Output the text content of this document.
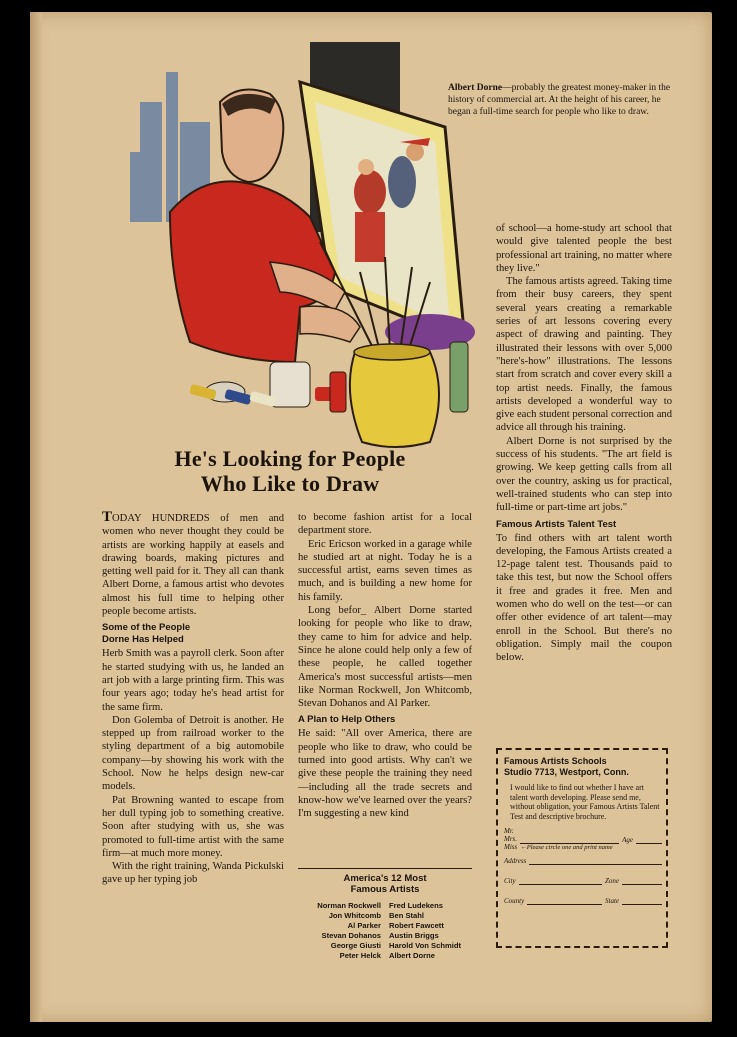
Albert Dorne—probably the greatest money-maker in the history of commercial art. At the height of his career, he began a full-time search for people who like to draw.
He's Looking for People
Who Like to Draw

TODAY HUNDREDS of men and women who never thought they could be artists are working happily at easels and drawing boards, making pictures and getting well paid for it. They all can thank Albert Dorne, a famous artist who devotes almost his full time to helping other people become artists.

Some of the People
Dorne Has Helped

Herb Smith was a payroll clerk. Soon after he started studying with us, he landed an art job with a large printing firm. This was four years ago; today he's head artist for the same firm.

Don Golemba of Detroit is another. He stepped up from railroad worker to the styling department of a big automobile company—by showing his work with the School. Now he helps design new-car models.

Pat Browning wanted to escape from her dull typing job to something creative. Soon after studying with us, she was promoted to full-time artist with the same firm—at much more money.

With the right training, Wanda Pickulski gave up her typing job

to become fashion artist for a local department store.

Eric Ericson worked in a garage while he studied art at night. Today he is a successful artist, earns seven times as much, and is building a new home for his family.

Long befor_ Albert Dorne started looking for people who like to draw, they came to him for advice and help. Since he alone could help only a few of these people, he called together America's most successful artists—men like Norman Rockwell, Jon Whitcomb, Stevan Dohanos and Al Parker.

A Plan to Help Others

He said: "All over America, there are people who like to draw, who could be turned into good artists. Why can't we give these people the training they need—including all the trade secrets and know-how we've learned over the years? I'm suggesting a new kind

America's 12 Most
Famous Artists
Norman Rockwell Fred Ludekens
Jon Whitcomb Ben Stahl
Al Parker Robert Fawcett
Stevan Dohanos Austin Briggs
George Giusti Harold Von Schmidt
Peter Helck Albert Dorne

of school—a home-study art school that would give talented people the best professional art training, no matter where they live."

The famous artists agreed. Taking time from their busy careers, they spent several years creating a remarkable series of art lessons covering every aspect of drawing and painting. They illustrated their lessons with over 5,000 "here's-how" illustrations. The lessons start from scratch and cover every skill a top artist needs. Finally, the famous artists developed a wonderful way to give each student personal correction and advice all through his training.

Albert Dorne is not surprised by the success of his students. "The art field is growing. We keep getting calls from all over the country, asking us for practical, well-trained students who can step into full-time or part-time art jobs."

Famous Artists Talent Test

To find others with art talent worth developing, the Famous Artists created a 12-page talent test. Thousands paid to take this test, but now the School offers it free and grades it free. Men and women who do well on the test—or can offer other evidence of art talent—may enroll in the School. But there's no obligation. Simply mail the coupon below.

Famous Artists Schools
Studio 7713, Westport, Conn.
I would like to find out whether I have art talent worth developing. Please send me, without obligation, your Famous Artists Talent Test and descriptive brochure.
Mr.
Mrs.
Miss
Age
←Please circle one and print name
Address
City	Zone
County	State
